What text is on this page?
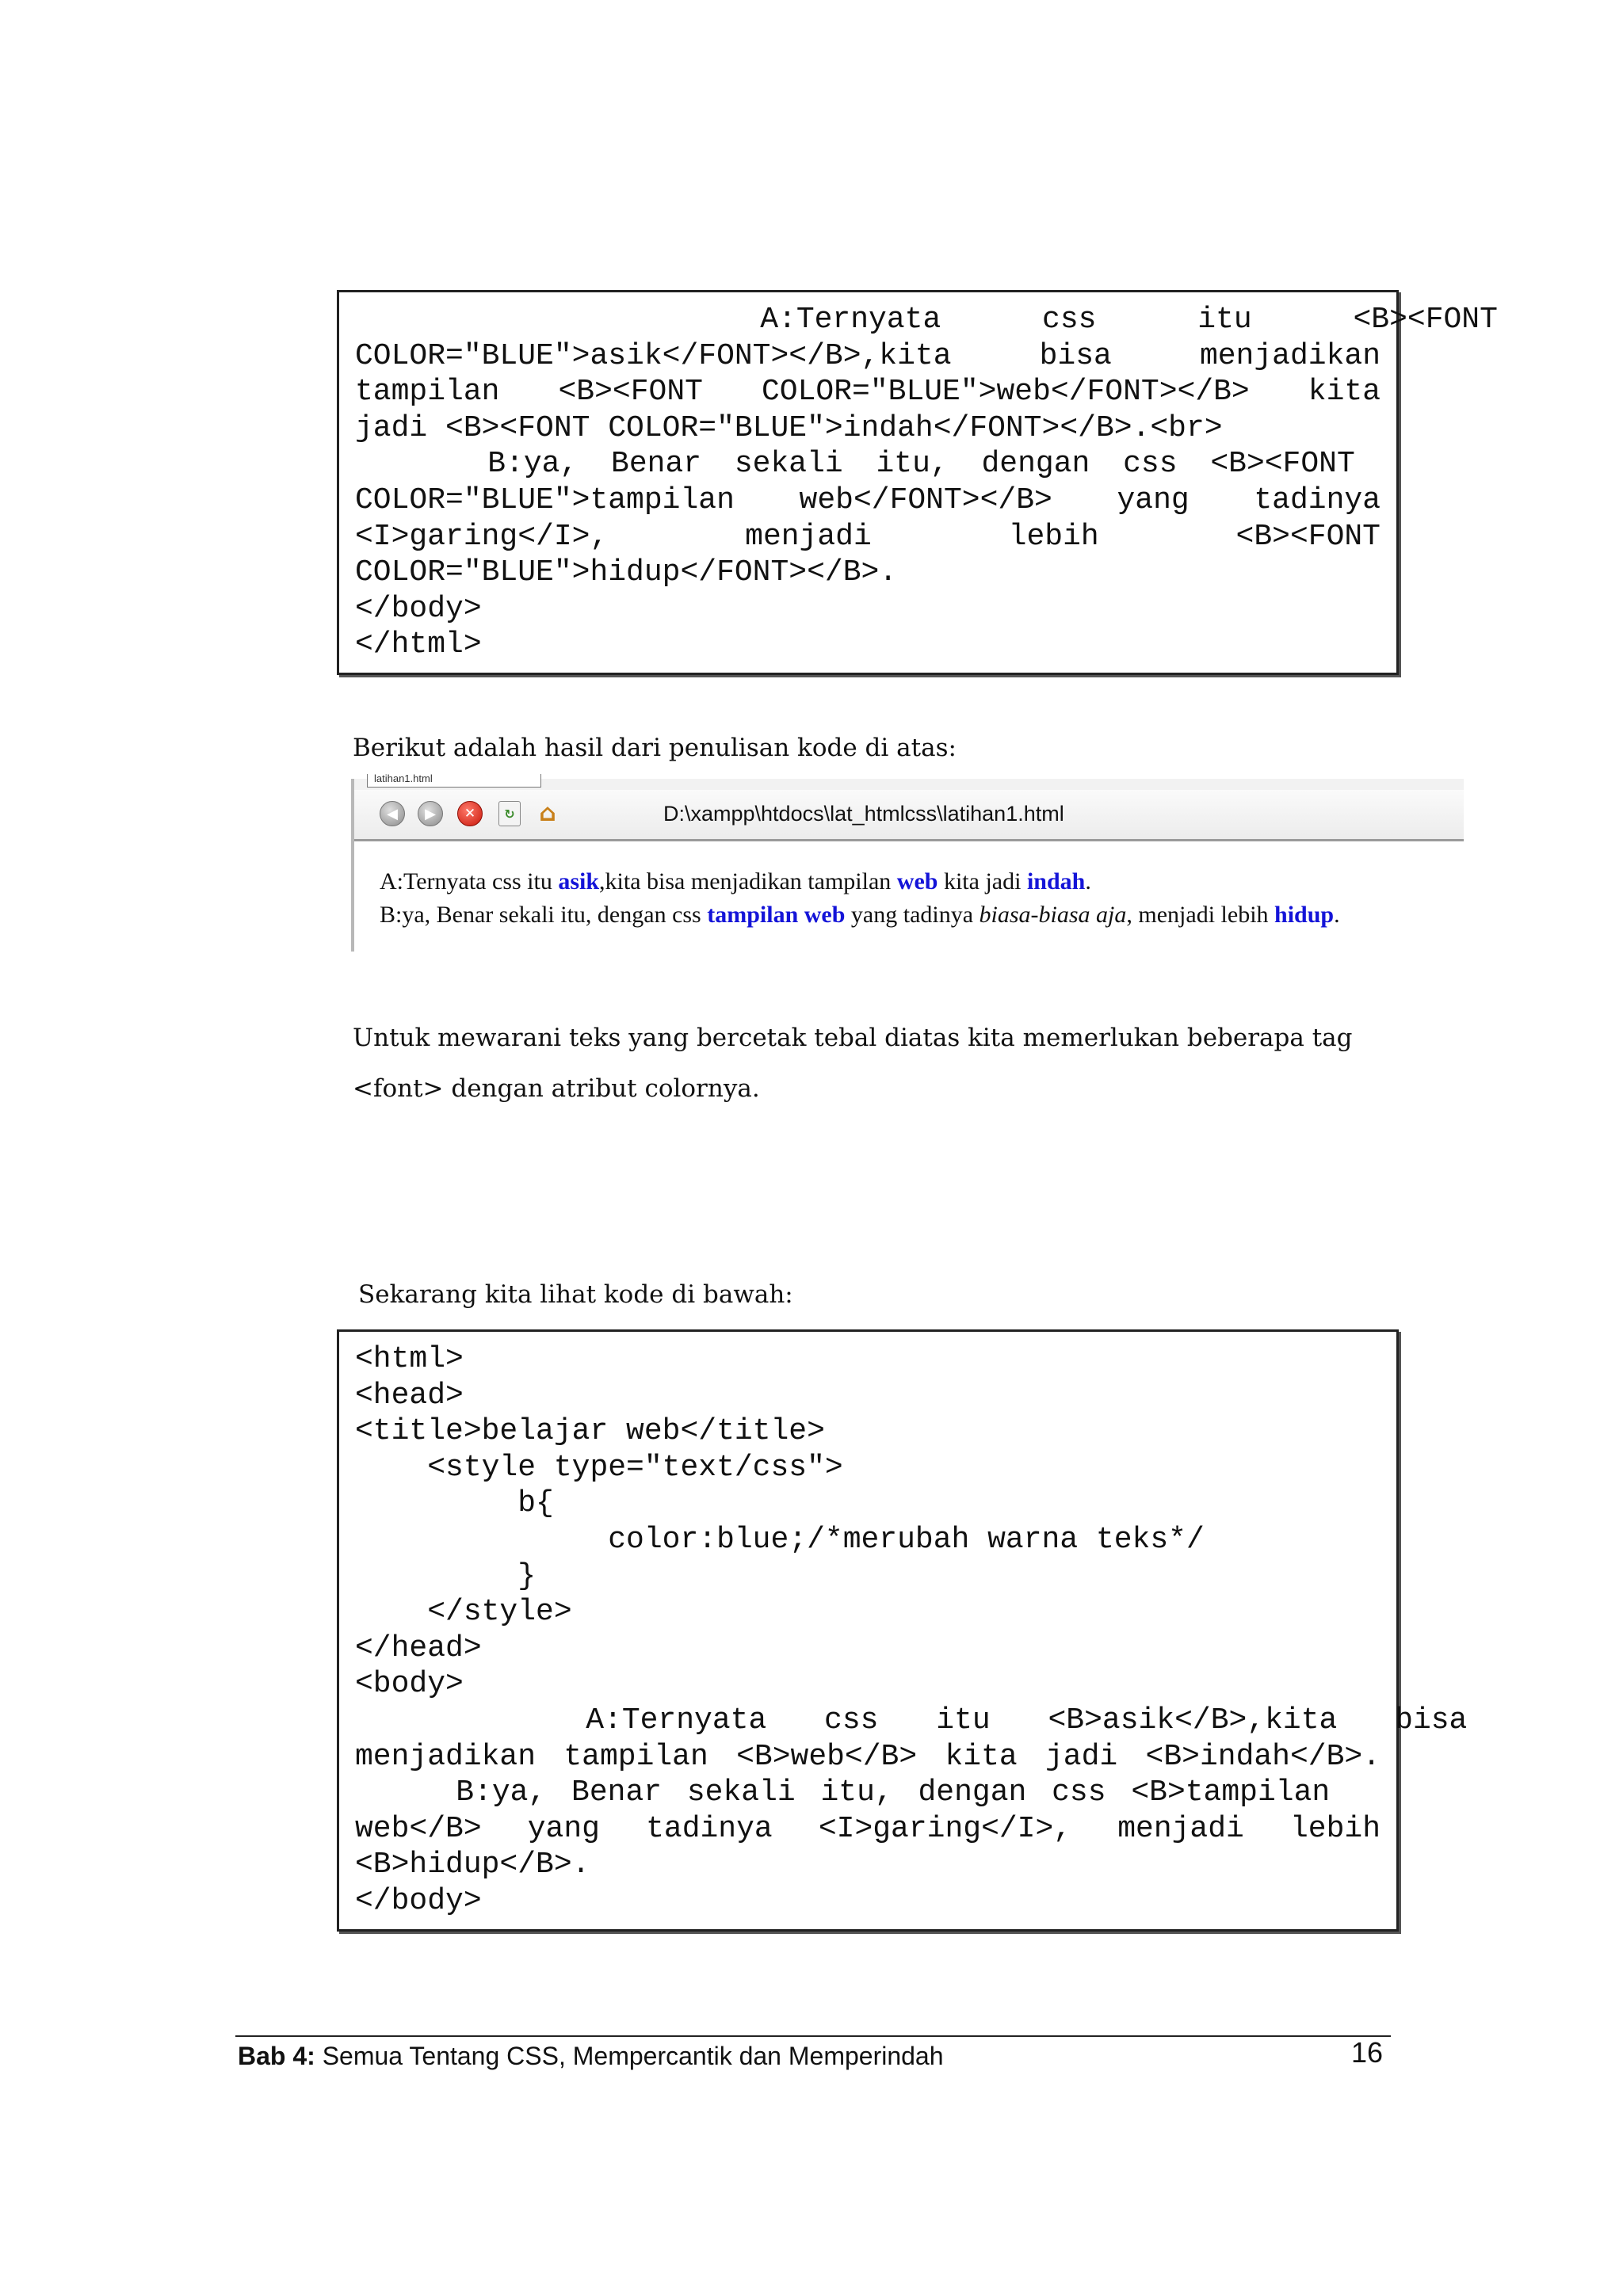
A:Ternyata css itu <B><FONT
COLOR="BLUE">asik</FONT></B>,kita bisa menjadikan
tampilan <B><FONT COLOR="BLUE">web</FONT></B> kita
jadi <B><FONT COLOR="BLUE">indah</FONT></B>.<br>
B:ya, Benar sekali itu, dengan css <B><FONT
COLOR="BLUE">tampilan web</FONT></B> yang tadinya
<I>garing</I>, menjadi lebih <B><FONT
COLOR="BLUE">hidup</FONT></B>.
</body>
</html>
Berikut adalah hasil dari penulisan kode di atas:
latihan1.html
◀	▶	✕	↻ ⌂	D:\xampp\htdocs\lat_htmlcss\latihan1.html
A:Ternyata css itu asik,kita bisa menjadikan tampilan web kita jadi indah.
B:ya, Benar sekali itu, dengan css tampilan web yang tadinya biasa-biasa aja, menjadi lebih hidup.
Untuk mewarani teks yang bercetak tebal diatas kita memerlukan beberapa tag
<font> dengan atribut colornya.
Sekarang kita lihat kode di bawah:
<html>
<head>
<title>belajar web</title>
<style type="text/css">
b{
color:blue;/*merubah warna teks*/
}
</style>
</head>
<body>
A:Ternyata css itu <B>asik</B>,kita bisa
menjadikan tampilan <B>web</B> kita jadi <B>indah</B>.
B:ya, Benar sekali itu, dengan css <B>tampilan
web</B> yang tadinya <I>garing</I>, menjadi lebih
<B>hidup</B>.
</body>
Bab 4: Semua Tentang CSS, Mempercantik dan Memperindah	16
